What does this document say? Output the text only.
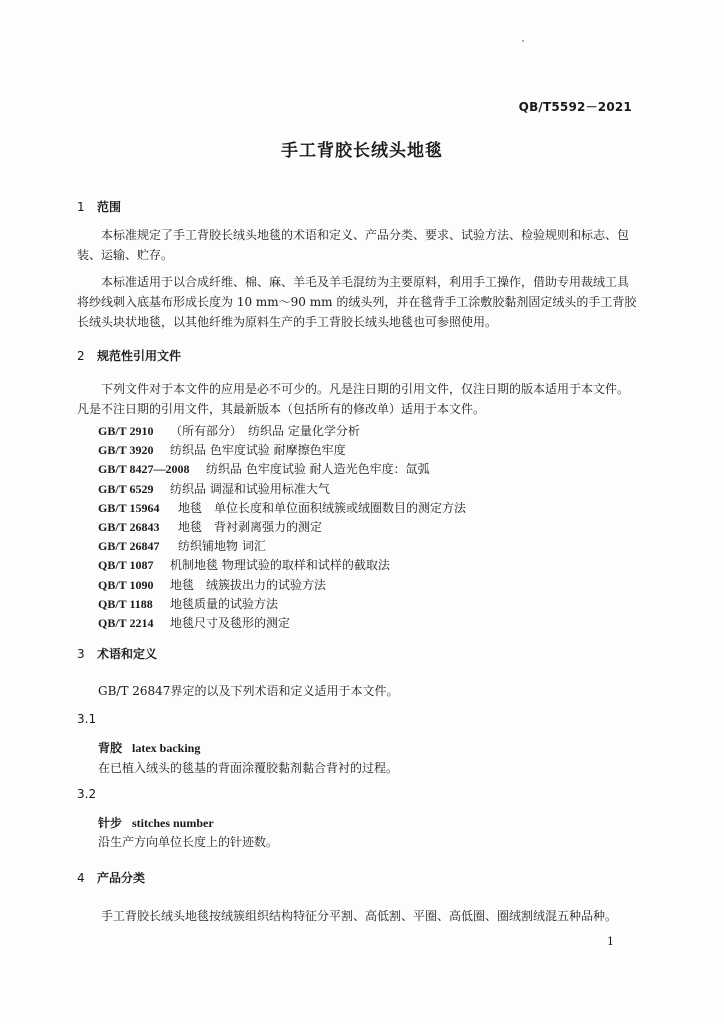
QB/T5592－2021
手工背胶长绒头地毯
1	范围

本标准规定了手工背胶长绒头地毯的术语和定义、产品分类、要求、试验方法、检验规则和标志、包装、运输、贮存。

本标准适用于以合成纤维、棉、麻、羊毛及羊毛混纺为主要原料，利用手工操作，借助专用裁绒工具将纱线刺入底基布形成长度为 10 mm～90 mm 的绒头列，并在毯背手工涂敷胶黏剂固定绒头的手工背胶长绒头块状地毯，以其他纤维为原料生产的手工背胶长绒头地毯也可参照使用。

2	规范性引用文件

下列文件对于本文件的应用是必不可少的。凡是注日期的引用文件，仅注日期的版本适用于本文件。凡是不注日期的引用文件，其最新版本（包括所有的修改单）适用于本文件。

GB/T 2910 （所有部分）　纺织品 定量化学分析
GB/T 3920 纺织品 色牢度试验 耐摩擦色牢度
GB/T 8427—2008 纺织品 色牢度试验 耐人造光色牢度：氙弧
GB/T 6529 纺织品 调湿和试验用标准大气
GB/T 15964 地毯　单位长度和单位面积绒簇或绒圈数目的测定方法
GB/T 26843 地毯　背衬剥离强力的测定
GB/T 26847 纺织铺地物 词汇
QB/T 1087 机制地毯 物理试验的取样和试样的截取法
QB/T 1090 地毯　绒簇拔出力的试验方法
QB/T 1188 地毯质量的试验方法
QB/T 2214 地毯尺寸及毯形的测定
3	术语和定义
GB/T 26847界定的以及下列术语和定义适用于本文件。
3.1
背胶 latex backing
在已植入绒头的毯基的背面涂覆胶黏剂黏合背衬的过程。
3.2
针步 stitches number
沿生产方向单位长度上的针迹数。
4	产品分类

手工背胶长绒头地毯按绒簇组织结构特征分平割、高低割、平圈、高低圈、圈绒割绒混五种品种。

1
